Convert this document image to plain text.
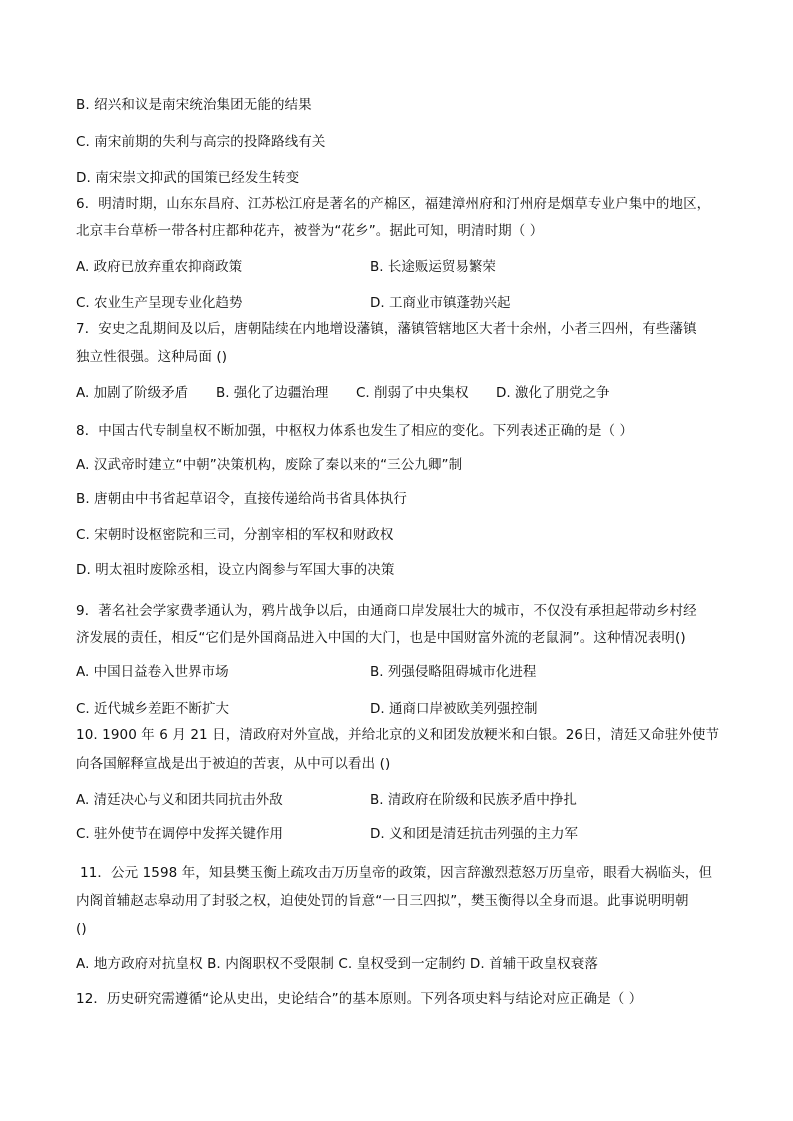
B. 绍兴和议是南宋统治集团无能的结果
C. 南宋前期的失利与高宗的投降路线有关
D. 南宋崇文抑武的国策已经发生转变
6．明清时期，山东东昌府、江苏松江府是著名的产棉区，福建漳州府和汀州府是烟草专业户集中的地区，
北京丰台草桥一带各村庄都种花卉，被誉为“花乡”。据此可知，明清时期（ ）
A. 政府已放弃重农抑商政策	B. 长途贩运贸易繁荣
C. 农业生产呈现专业化趋势	D. 工商业市镇蓬勃兴起
7．安史之乱期间及以后，唐朝陆续在内地增设藩镇，藩镇管辖地区大者十余州，小者三四州，有些藩镇
独立性很强。这种局面 ()
A. 加剧了阶级矛盾 B. 强化了边疆治理 C. 削弱了中央集权 D. 激化了朋党之争
8．中国古代专制皇权不断加强，中枢权力体系也发生了相应的变化。下列表述正确的是（ ）
A. 汉武帝时建立“中朝”决策机构，废除了秦以来的“三公九卿”制
B. 唐朝由中书省起草诏令，直接传递给尚书省具体执行
C. 宋朝时设枢密院和三司，分割宰相的军权和财政权
D. 明太祖时废除丞相，设立内阁参与军国大事的决策
9．著名社会学家费孝通认为，鸦片战争以后，由通商口岸发展壮大的城市，不仅没有承担起带动乡村经
济发展的责任，相反“它们是外国商品进入中国的大门，也是中国财富外流的老鼠洞”。这种情况表明()
A. 中国日益卷入世界市场	B. 列强侵略阻碍城市化进程
C. 近代城乡差距不断扩大	D. 通商口岸被欧美列强控制
10. 1900 年 6 月 21 日，清政府对外宣战，并给北京的义和团发放粳米和白银。26日，清廷又命驻外使节
向各国解释宣战是出于被迫的苦衷，从中可以看出 ()
A. 清廷决心与义和团共同抗击外敌	B. 清政府在阶级和民族矛盾中挣扎
C. 驻外使节在调停中发挥关键作用	D. 义和团是清廷抗击列强的主力军
11．公元 1598 年，知县樊玉衡上疏攻击万历皇帝的政策，因言辞激烈惹怒万历皇帝，眼看大祸临头，但
内阁首辅赵志皋动用了封驳之权，迫使处罚的旨意“一日三四拟”，樊玉衡得以全身而退。此事说明明朝
()
A. 地方政府对抗皇权 B. 内阁职权不受限制 C. 皇权受到一定制约 D. 首辅干政皇权衰落
12．历史研究需遵循“论从史出，史论结合”的基本原则。下列各项史料与结论对应正确是（ ）
